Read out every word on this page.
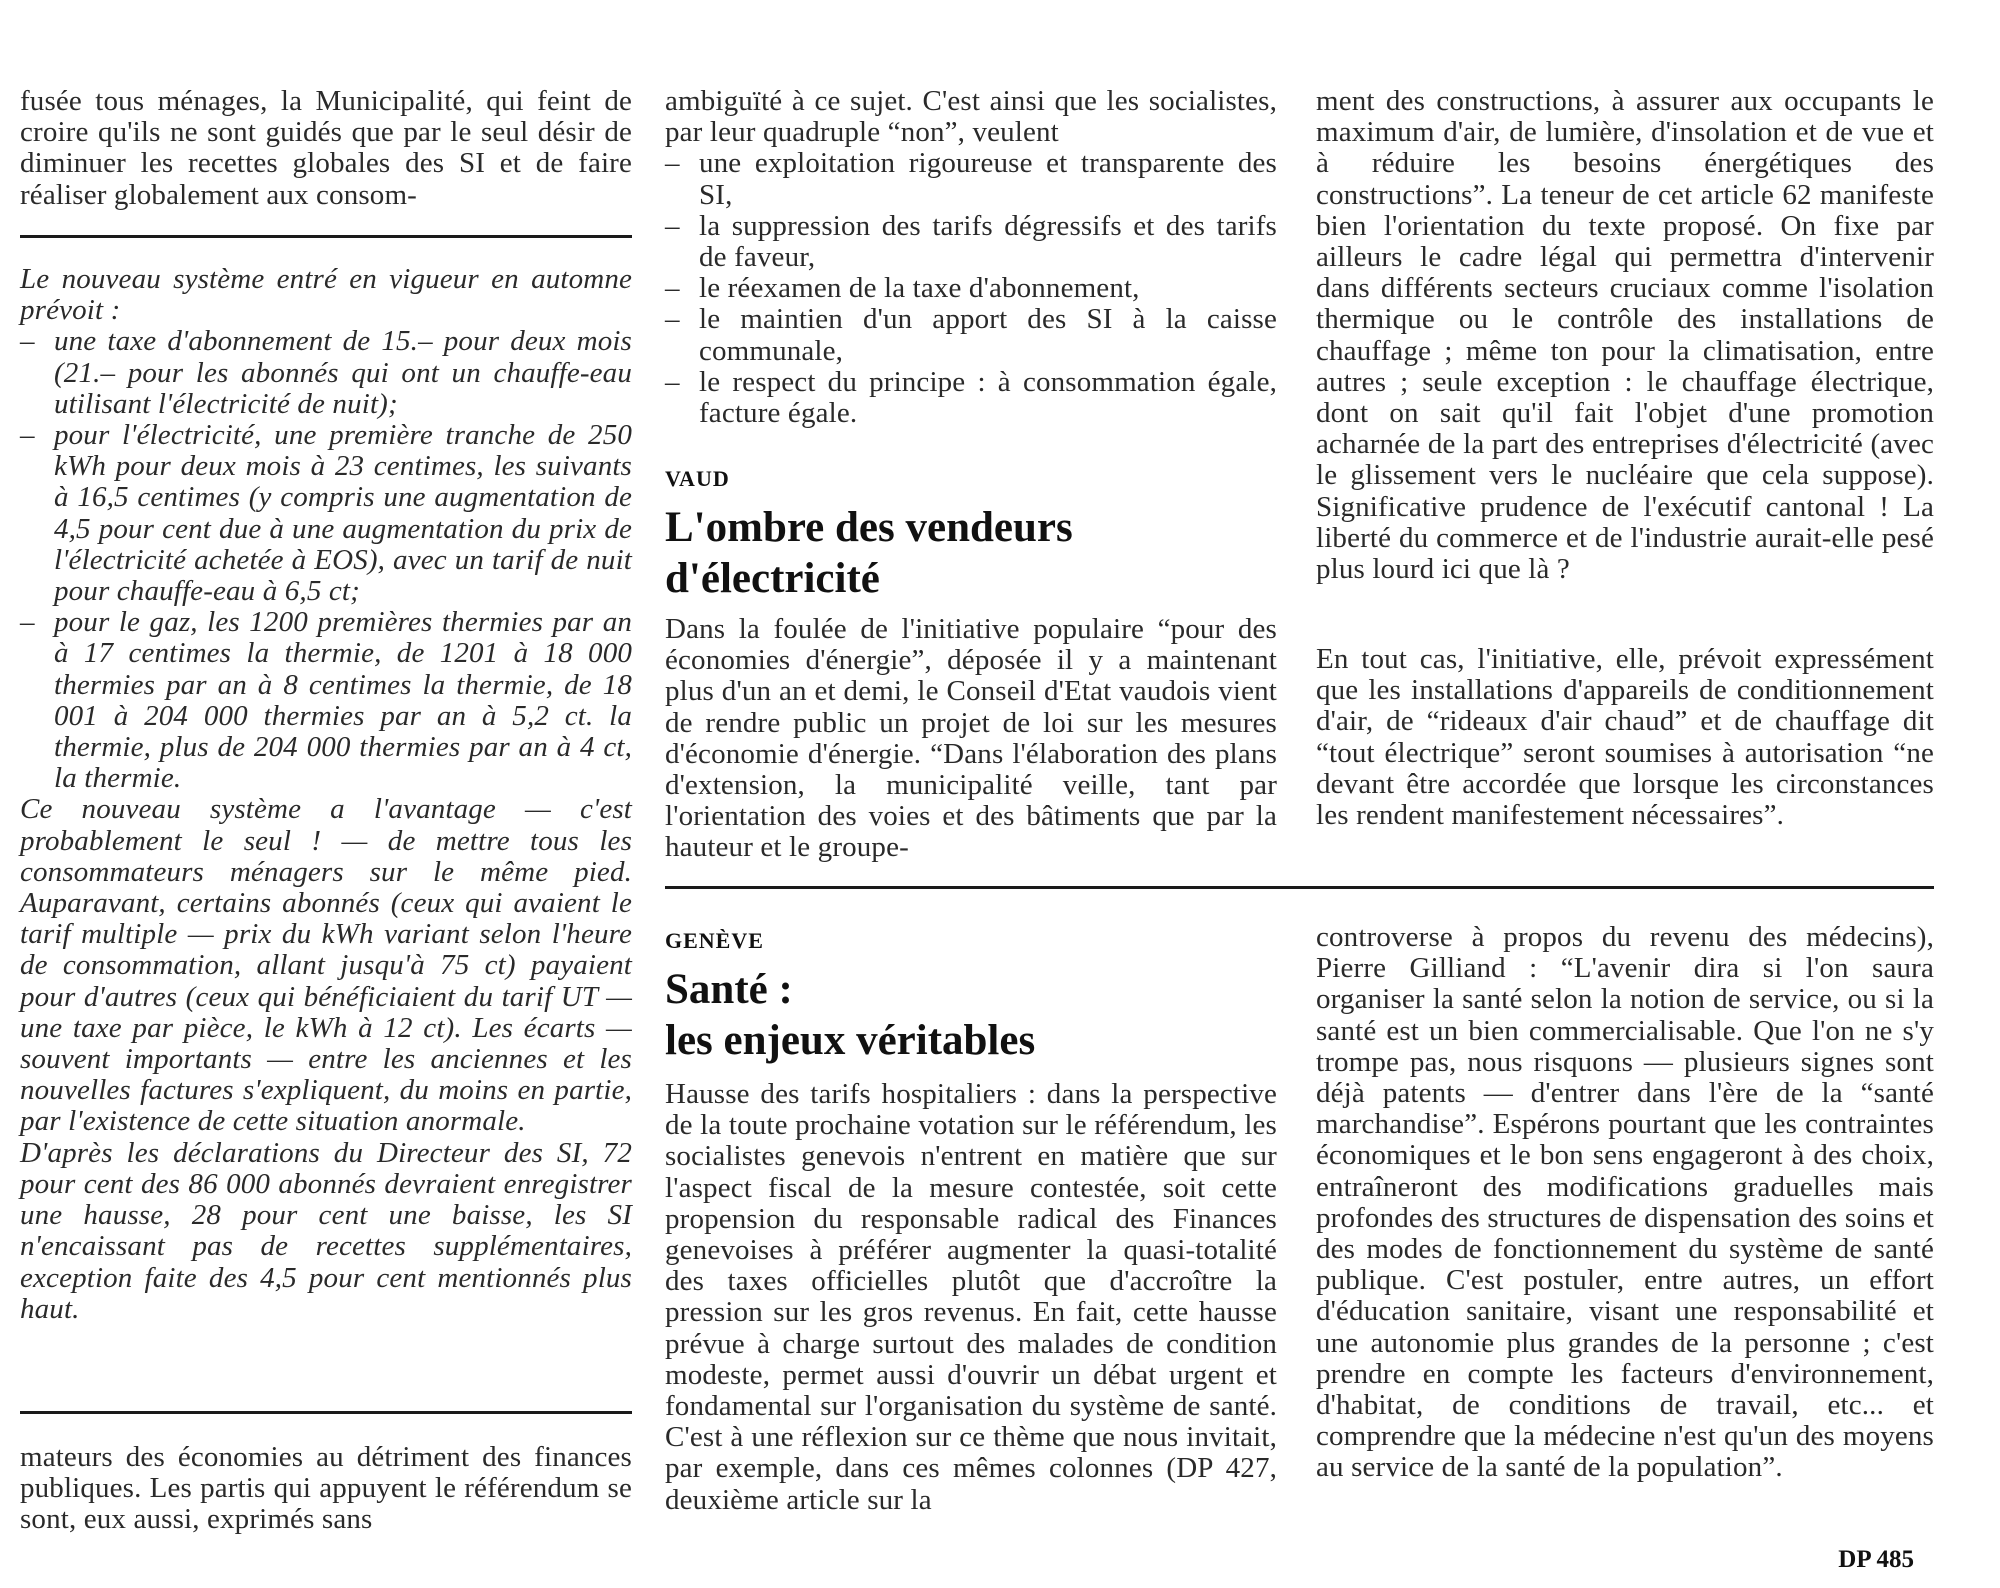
fusée tous ménages, la Municipalité, qui feint de croire qu'ils ne sont guidés que par le seul désir de diminuer les recettes globales des SI et de faire réaliser globalement aux consom-

Le nouveau système entré en vigueur en automne prévoit :

– une taxe d'abonnement de 15.– pour deux mois (21.– pour les abonnés qui ont un chauffe-eau utilisant l'électricité de nuit);

– pour l'électricité, une première tranche de 250 kWh pour deux mois à 23 centimes, les suivants à 16,5 centimes (y compris une augmentation de 4,5 pour cent due à une augmentation du prix de l'électricité achetée à EOS), avec un tarif de nuit pour chauffe-eau à 6,5 ct;

– pour le gaz, les 1200 premières thermies par an à 17 centimes la thermie, de 1201 à 18 000 thermies par an à 8 centimes la thermie, de 18 001 à 204 000 thermies par an à 5,2 ct. la thermie, plus de 204 000 thermies par an à 4 ct, la thermie.

Ce nouveau système a l'avantage — c'est probablement le seul ! — de mettre tous les consommateurs ménagers sur le même pied. Auparavant, certains abonnés (ceux qui avaient le tarif multiple — prix du kWh variant selon l'heure de consommation, allant jusqu'à 75 ct) payaient pour d'autres (ceux qui bénéficiaient du tarif UT — une taxe par pièce, le kWh à 12 ct). Les écarts — souvent importants — entre les anciennes et les nouvelles factures s'expliquent, du moins en partie, par l'existence de cette situation anormale.

D'après les déclarations du Directeur des SI, 72 pour cent des 86 000 abonnés devraient enregistrer une hausse, 28 pour cent une baisse, les SI n'encaissant pas de recettes supplémentaires, exception faite des 4,5 pour cent mentionnés plus haut.

mateurs des économies au détriment des finances publiques. Les partis qui appuyent le référendum se sont, eux aussi, exprimés sans

ambiguïté à ce sujet. C'est ainsi que les socialistes, par leur quadruple “non”, veulent

– une exploitation rigoureuse et transparente des SI,

– la suppression des tarifs dégressifs et des tarifs de faveur,

– le réexamen de la taxe d'abonnement,

– le maintien d'un apport des SI à la caisse communale,

– le respect du principe : à consommation égale, facture égale.

VAUD
L'ombre des vendeurs
d'électricité

Dans la foulée de l'initiative populaire “pour des économies d'énergie”, déposée il y a maintenant plus d'un an et demi, le Conseil d'Etat vaudois vient de rendre public un projet de loi sur les mesures d'économie d'énergie. “Dans l'élaboration des plans d'extension, la municipalité veille, tant par l'orientation des voies et des bâtiments que par la hauteur et le groupe-

ment des constructions, à assurer aux occupants le maximum d'air, de lumière, d'insolation et de vue et à réduire les besoins énergétiques des constructions”. La teneur de cet article 62 manifeste bien l'orientation du texte proposé. On fixe par ailleurs le cadre légal qui permettra d'intervenir dans différents secteurs cruciaux comme l'isolation thermique ou le contrôle des installations de chauffage ; même ton pour la climatisation, entre autres ; seule exception : le chauffage électrique, dont on sait qu'il fait l'objet d'une promotion acharnée de la part des entreprises d'électricité (avec le glissement vers le nucléaire que cela suppose). Significative prudence de l'exécutif cantonal ! La liberté du commerce et de l'industrie aurait-elle pesé plus lourd ici que là ?

En tout cas, l'initiative, elle, prévoit expressément que les installations d'appareils de conditionnement d'air, de “rideaux d'air chaud” et de chauffage dit “tout électrique” seront soumises à autorisation “ne devant être accordée que lorsque les circonstances les rendent manifestement nécessaires”.

GENÈVE
Santé :
les enjeux véritables

Hausse des tarifs hospitaliers : dans la perspective de la toute prochaine votation sur le référendum, les socialistes genevois n'entrent en matière que sur l'aspect fiscal de la mesure contestée, soit cette propension du responsable radical des Finances genevoises à préférer augmenter la quasi-totalité des taxes officielles plutôt que d'accroître la pression sur les gros revenus. En fait, cette hausse prévue à charge surtout des malades de condition modeste, permet aussi d'ouvrir un débat urgent et fondamental sur l'organisation du système de santé. C'est à une réflexion sur ce thème que nous invitait, par exemple, dans ces mêmes colonnes (DP 427, deuxième article sur la

controverse à propos du revenu des médecins), Pierre Gilliand : “L'avenir dira si l'on saura organiser la santé selon la notion de service, ou si la santé est un bien commercialisable. Que l'on ne s'y trompe pas, nous risquons — plusieurs signes sont déjà patents — d'entrer dans l'ère de la “santé marchandise”. Espérons pourtant que les contraintes économiques et le bon sens engageront à des choix, entraîneront des modifications graduelles mais profondes des structures de dispensation des soins et des modes de fonctionnement du système de santé publique. C'est postuler, entre autres, un effort d'éducation sanitaire, visant une responsabilité et une autonomie plus grandes de la personne ; c'est prendre en compte les facteurs d'environnement, d'habitat, de conditions de travail, etc... et comprendre que la médecine n'est qu'un des moyens au service de la santé de la population”.

DP 485
